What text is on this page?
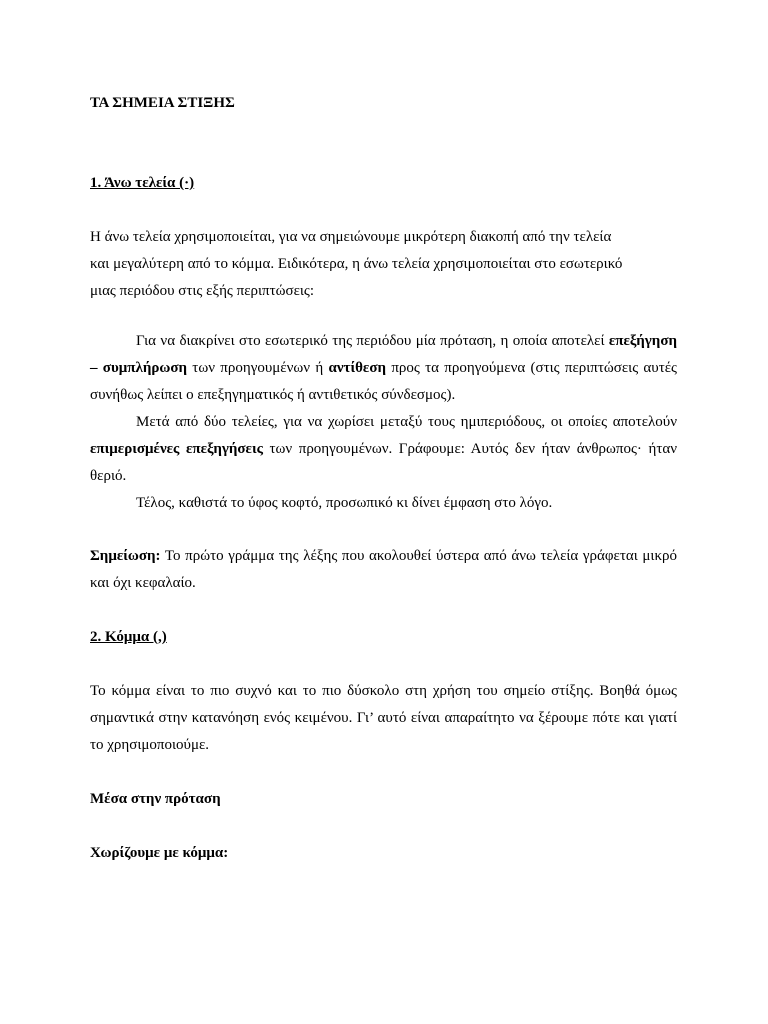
ΤΑ ΣΗΜΕΙΑ ΣΤΙΞΗΣ
1. Άνω τελεία (·)
Η άνω τελεία χρησιμοποιείται, για να σημειώνουμε μικρότερη διακοπή από την τελεία
και μεγαλύτερη από το κόμμα. Ειδικότερα, η άνω τελεία χρησιμοποιείται στο εσωτερικό
μιας περιόδου στις εξής περιπτώσεις:
Για να διακρίνει στο εσωτερικό της περιόδου μία πρόταση, η οποία αποτελεί επεξήγηση – συμπλήρωση των προηγουμένων ή αντίθεση προς τα προηγούμενα (στις περιπτώσεις αυτές συνήθως λείπει ο επεξηγηματικός ή αντιθετικός σύνδεσμος).
Μετά από δύο τελείες, για να χωρίσει μεταξύ τους ημιπεριόδους, οι οποίες αποτελούν επιμερισμένες επεξηγήσεις των προηγουμένων. Γράφουμε: Αυτός δεν ήταν άνθρωπος· ήταν θεριό.
Τέλος, καθιστά το ύφος κοφτό, προσωπικό κι δίνει έμφαση στο λόγο.
Σημείωση: Το πρώτο γράμμα της λέξης που ακολουθεί ύστερα από άνω τελεία γράφεται μικρό και όχι κεφαλαίο.
2. Κόμμα (,)
Το κόμμα είναι το πιο συχνό και το πιο δύσκολο στη χρήση του σημείο στίξης. Βοηθά όμως σημαντικά στην κατανόηση ενός κειμένου. Γι’ αυτό είναι απαραίτητο να ξέρουμε πότε και γιατί το χρησιμοποιούμε.
Μέσα στην πρόταση
Χωρίζουμε με κόμμα:
